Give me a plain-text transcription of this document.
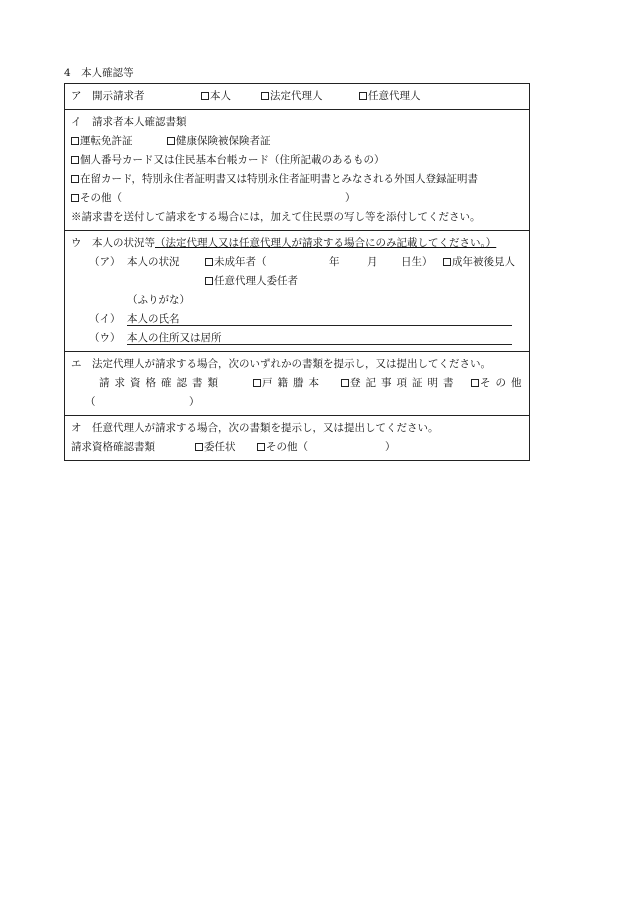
4　本人確認等
ア　開示請求者	本人	法定代理人	任意代理人
イ　請求者本人確認書類
運転免許証	健康保険被保険者証
個人番号カード又は住民基本台帳カード（住所記載のあるもの）
在留カード，特別永住者証明書又は特別永住者証明書とみなされる外国人登録証明書
その他（	）
※請求書を送付して請求をする場合には，加えて住民票の写し等を添付してください。
ウ　本人の状況等（法定代理人又は任意代理人が請求する場合にのみ記載してください。）
（ア） 本人の状況	未成年者（	年	月 日生）	成年被後見人
任意代理人委任者
（ふりがな）
（イ） 本人の氏名
（ウ） 本人の住所又は居所
エ　法定代理人が請求する場合，次のいずれかの書類を提示し，又は提出してください。
請求資格確認書類	戸籍謄本	登記事項証明書	その他
（	）
オ　任意代理人が請求する場合，次の書類を提示し，又は提出してください。
請求資格確認書類	委任状	その他（	）
